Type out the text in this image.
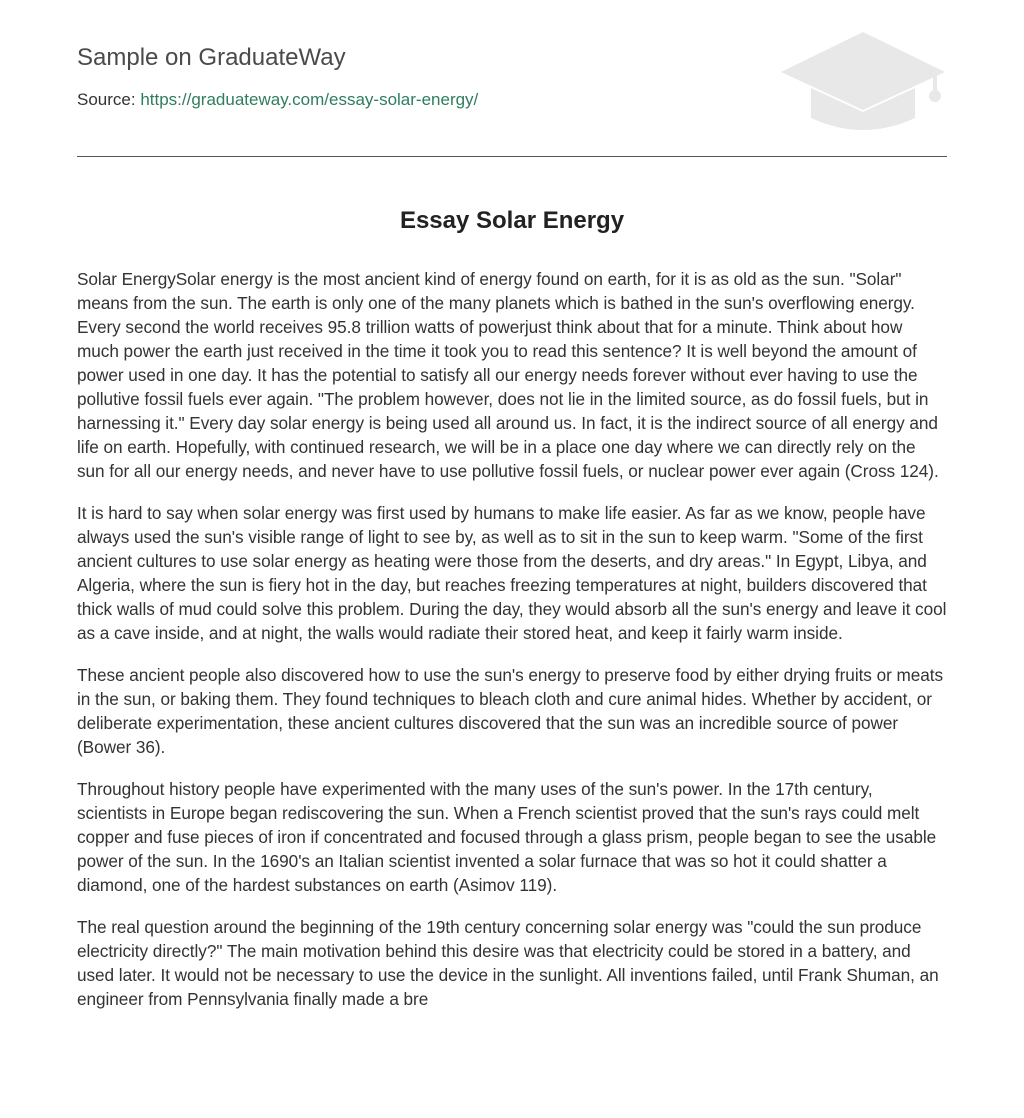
Sample on GraduateWay
Source: https://graduateway.com/essay-solar-energy/
Essay Solar Energy

Solar EnergySolar energy is the most ancient kind of energy found on earth, for it is as old as the sun. "Solar" means from the sun. The earth is only one of the many planets which is bathed in the sun's overflowing energy. Every second the world receives 95.8 trillion watts of powerjust think about that for a minute. Think about how much power the earth just received in the time it took you to read this sentence? It is well beyond the amount of power used in one day. It has the potential to satisfy all our energy needs forever without ever having to use the pollutive fossil fuels ever again. "The problem however, does not lie in the limited source, as do fossil fuels, but in harnessing it." Every day solar energy is being used all around us. In fact, it is the indirect source of all energy and life on earth. Hopefully, with continued research, we will be in a place one day where we can directly rely on the sun for all our energy needs, and never have to use pollutive fossil fuels, or nuclear power ever again (Cross 124).

It is hard to say when solar energy was first used by humans to make life easier. As far as we know, people have always used the sun's visible range of light to see by, as well as to sit in the sun to keep warm. "Some of the first ancient cultures to use solar energy as heating were those from the deserts, and dry areas." In Egypt, Libya, and Algeria, where the sun is fiery hot in the day, but reaches freezing temperatures at night, builders discovered that thick walls of mud could solve this problem. During the day, they would absorb all the sun's energy and leave it cool as a cave inside, and at night, the walls would radiate their stored heat, and keep it fairly warm inside.

These ancient people also discovered how to use the sun's energy to preserve food by either drying fruits or meats in the sun, or baking them. They found techniques to bleach cloth and cure animal hides. Whether by accident, or deliberate experimentation, these ancient cultures discovered that the sun was an incredible source of power (Bower 36).

Throughout history people have experimented with the many uses of the sun's power. In the 17th century, scientists in Europe began rediscovering the sun. When a French scientist proved that the sun's rays could melt copper and fuse pieces of iron if concentrated and focused through a glass prism, people began to see the usable power of the sun. In the 1690's an Italian scientist invented a solar furnace that was so hot it could shatter a diamond, one of the hardest substances on earth (Asimov 119).

The real question around the beginning of the 19th century concerning solar energy was "could the sun produce electricity directly?" The main motivation behind this desire was that electricity could be stored in a battery, and used later. It would not be necessary to use the device in the sunlight. All inventions failed, until Frank Shuman, an engineer from Pennsylvania finally made a bre
